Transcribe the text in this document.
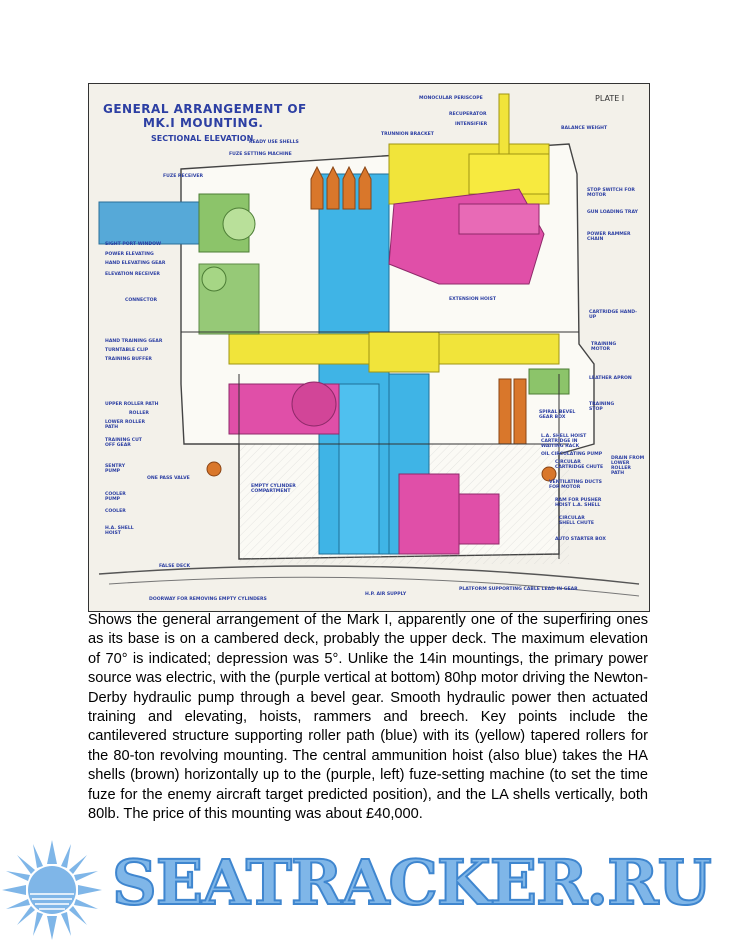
GENERAL ARRANGEMENT OF
MK.I MOUNTING.
SECTIONAL ELEVATION
PLATE I
READY USE SHELLS
FUZE SETTING MACHINE
MONOCULAR PERISCOPE
RECUPERATOR
INTENSIFIER
TRUNNION BRACKET
BALANCE WEIGHT
FUZE RECEIVER
STOP SWITCH FOR MOTOR
GUN LOADING TRAY
POWER RAMMER CHAIN
SIGHT PORT WINDOW
POWER ELEVATING
HAND ELEVATING GEAR
ELEVATION RECEIVER
CONNECTOR	EXTENSION HOIST
CARTRIDGE HAND-UP
HAND TRAINING GEAR
TURNTABLE CLIP
TRAINING BUFFER
TRAINING MOTOR
LEATHER APRON
UPPER ROLLER PATH
ROLLER
LOWER ROLLER PATH
TRAINING CUT OFF GEAR
SPIRAL BEVEL GEAR BOX
TRAINING STOP
L.A. SHELL HOIST CARTRIDGE IN WAITING RACK
OIL CIRCULATING PUMP
DRAIN FROM LOWER ROLLER PATH
CIRCULAR CARTRIDGE CHUTE
SENTRY PUMP
ONE PASS VALVE
EMPTY CYLINDER COMPARTMENT
VENTILATING DUCTS FOR MOTOR
COOLER PUMP
COOLER
RAM FOR PUSHER HOIST L.A. SHELL
CIRCULAR SHELL CHUTE
H.A. SHELL HOIST
AUTO STARTER BOX
FALSE DECK
DOORWAY FOR REMOVING EMPTY CYLINDERS
H.P. AIR SUPPLY
PLATFORM SUPPORTING CABLE LEAD IN GEAR

Shows the general arrangement of the Mark I, apparently one of the superfiring ones as its base is on a cambered deck, probably the upper deck. The maximum elevation of 70° is indicated; depression was 5°. Unlike the 14in mountings, the primary power source was electric, with the (purple vertical at bottom) 80hp motor driving the Newton-Derby hydraulic pump through a bevel gear. Smooth hydraulic power then actuated training and elevating, hoists, rammers and breech. Key points include the cantilevered structure supporting roller path (blue) with its (yellow) tapered rollers for the 80-ton revolving mounting. The central ammunition hoist (also blue) takes the HA shells (brown) horizontally up to the (purple, left) fuze-setting machine (to set the time fuze for the enemy aircraft target predicted position), and the LA shells vertically, both 80lb. The price of this mounting was about £40,000.

SEATRACKER.RU
